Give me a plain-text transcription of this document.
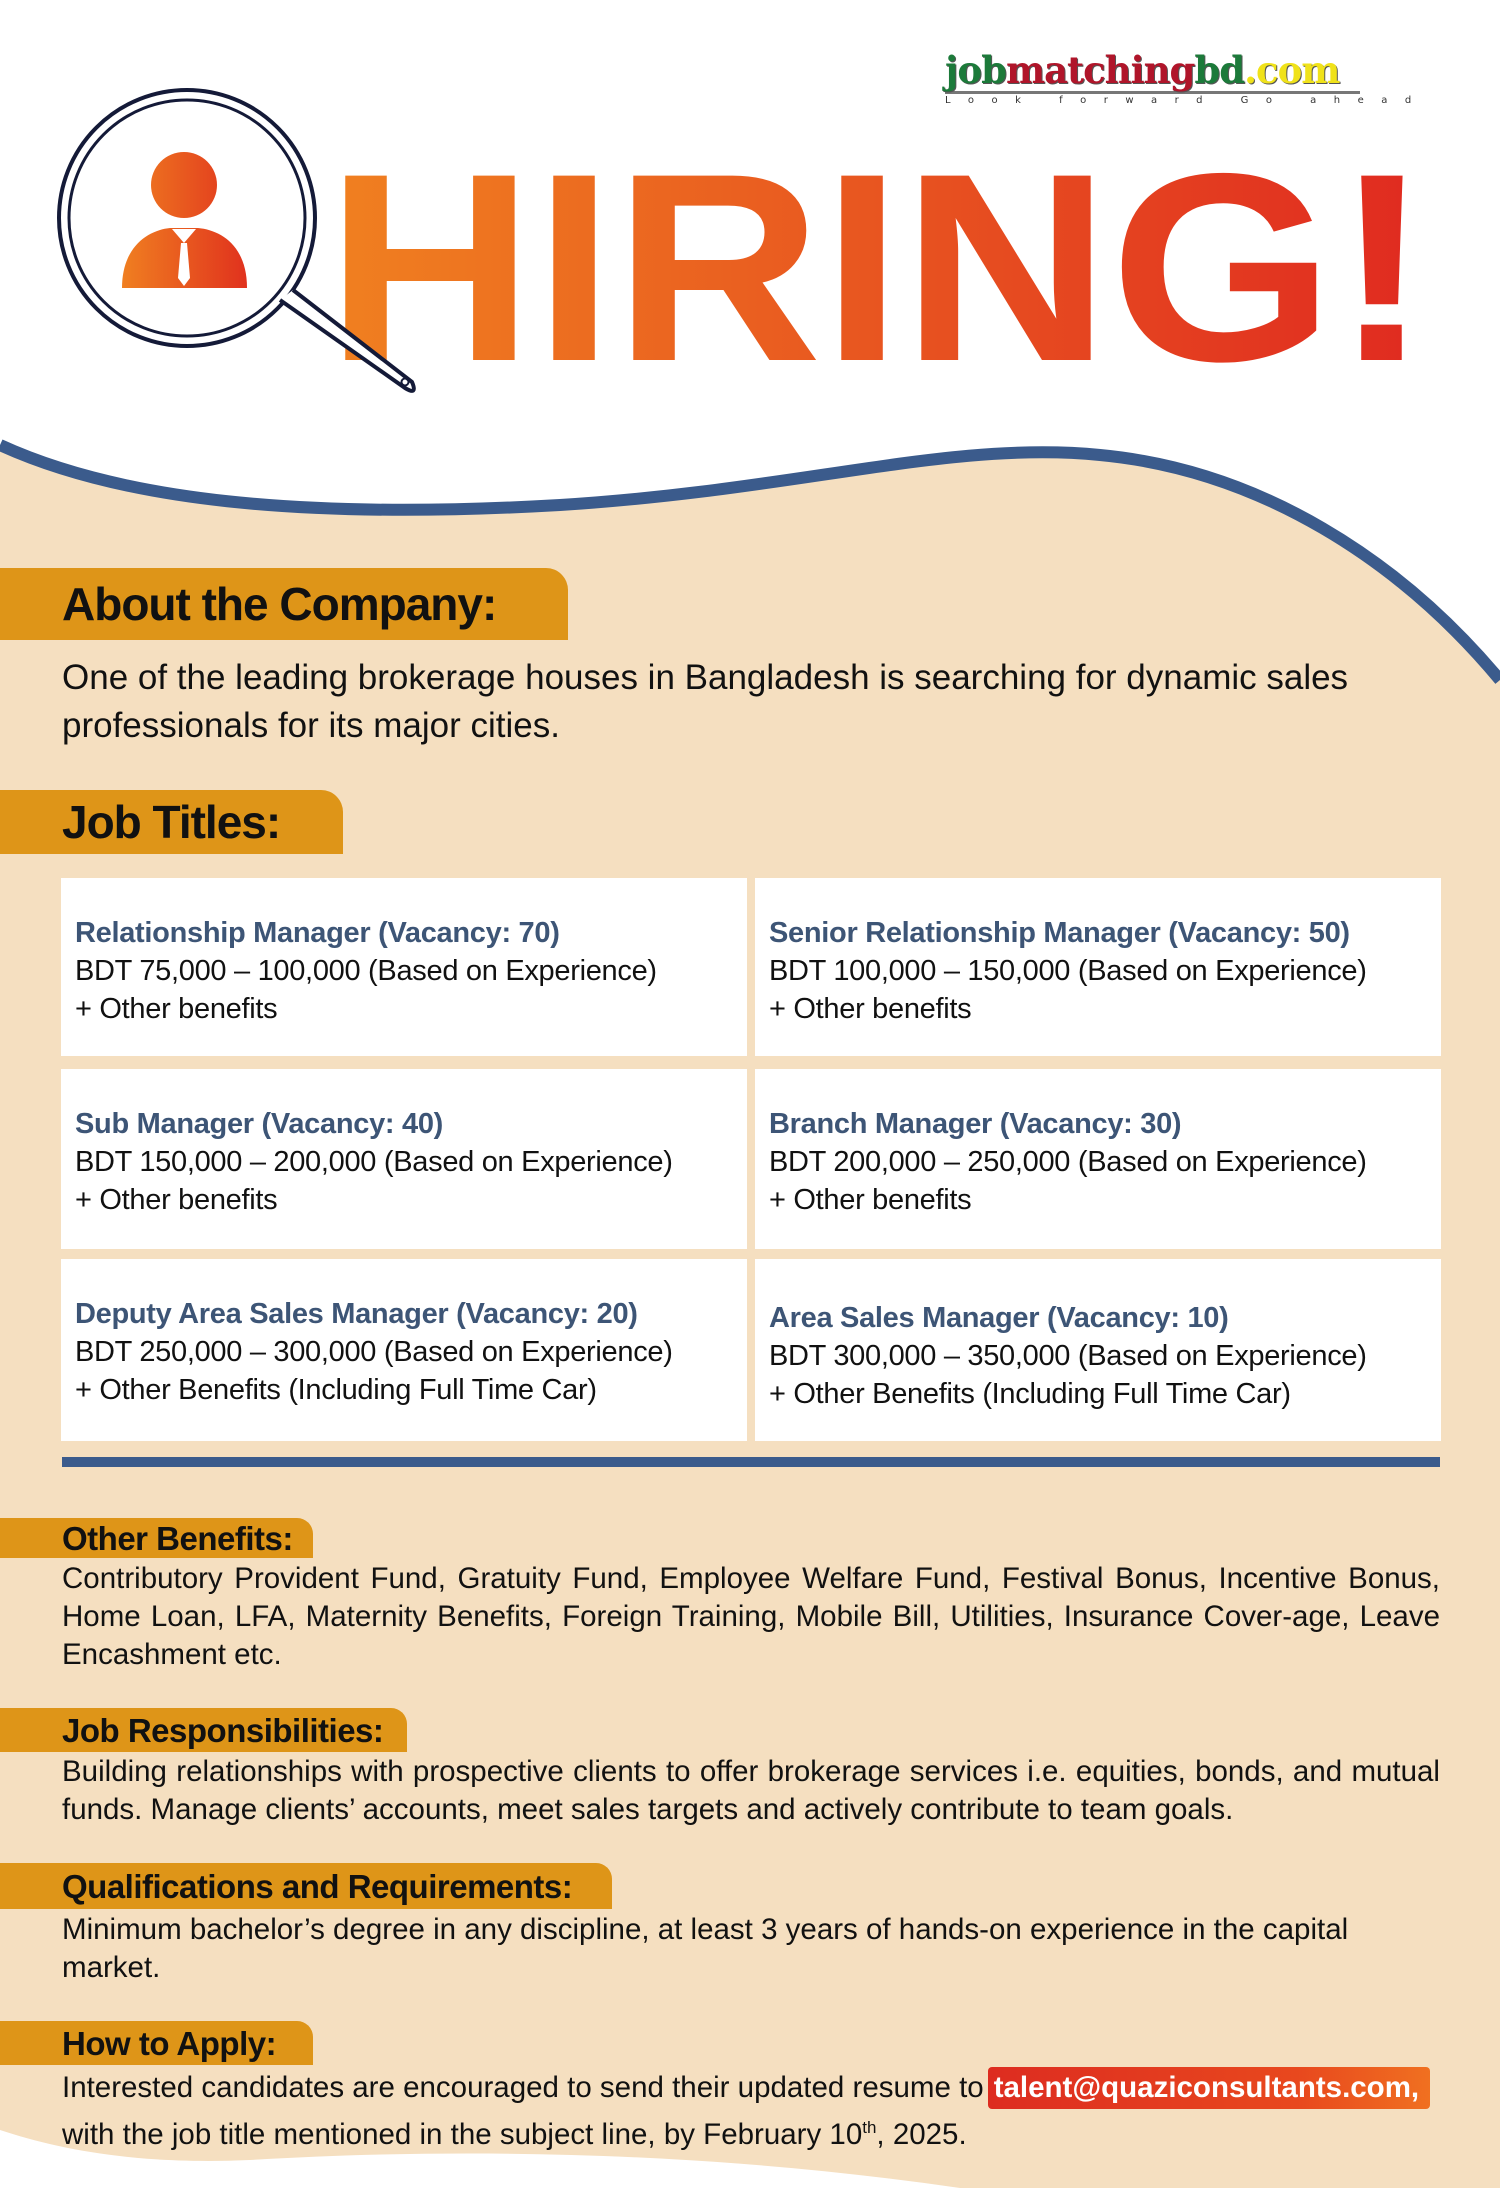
jobmatchingbd.com
Look forward Go ahead
HIRING!
About the Company:
One of the leading brokerage houses in Bangladesh is searching for dynamic sales professionals for its major cities.
Job Titles:
Relationship Manager (Vacancy: 70)
BDT 75,000 – 100,000 (Based on Experience)
+ Other benefits
Senior Relationship Manager (Vacancy: 50)
BDT 100,000 – 150,000 (Based on Experience)
+ Other benefits
Sub Manager (Vacancy: 40)
BDT 150,000 – 200,000 (Based on Experience)
+ Other benefits
Branch Manager (Vacancy: 30)
BDT 200,000 – 250,000 (Based on Experience)
+ Other benefits
Deputy Area Sales Manager (Vacancy: 20)
BDT 250,000 – 300,000 (Based on Experience)
+ Other Benefits (Including Full Time Car)
Area Sales Manager (Vacancy: 10)
BDT 300,000 – 350,000 (Based on Experience)
+ Other Benefits (Including Full Time Car)
Other Benefits:
Contributory Provident Fund, Gratuity Fund, Employee Welfare Fund, Festival Bonus, Incentive Bonus, Home Loan, LFA, Maternity Benefits, Foreign Training, Mobile Bill, Utilities, Insurance Cover-age, Leave Encashment etc.
Job Responsibilities:
Building relationships with prospective clients to offer brokerage services i.e. equities, bonds, and mutual funds. Manage clients’ accounts, meet sales targets and actively contribute to team goals.
Qualifications and Requirements:
Minimum bachelor’s degree in any discipline, at least 3 years of hands-on experience in the capital market.
How to Apply:
Interested candidates are encouraged to send their updated resume to talent@quaziconsultants.com,
with the job title mentioned in the subject line, by February 10th, 2025.
